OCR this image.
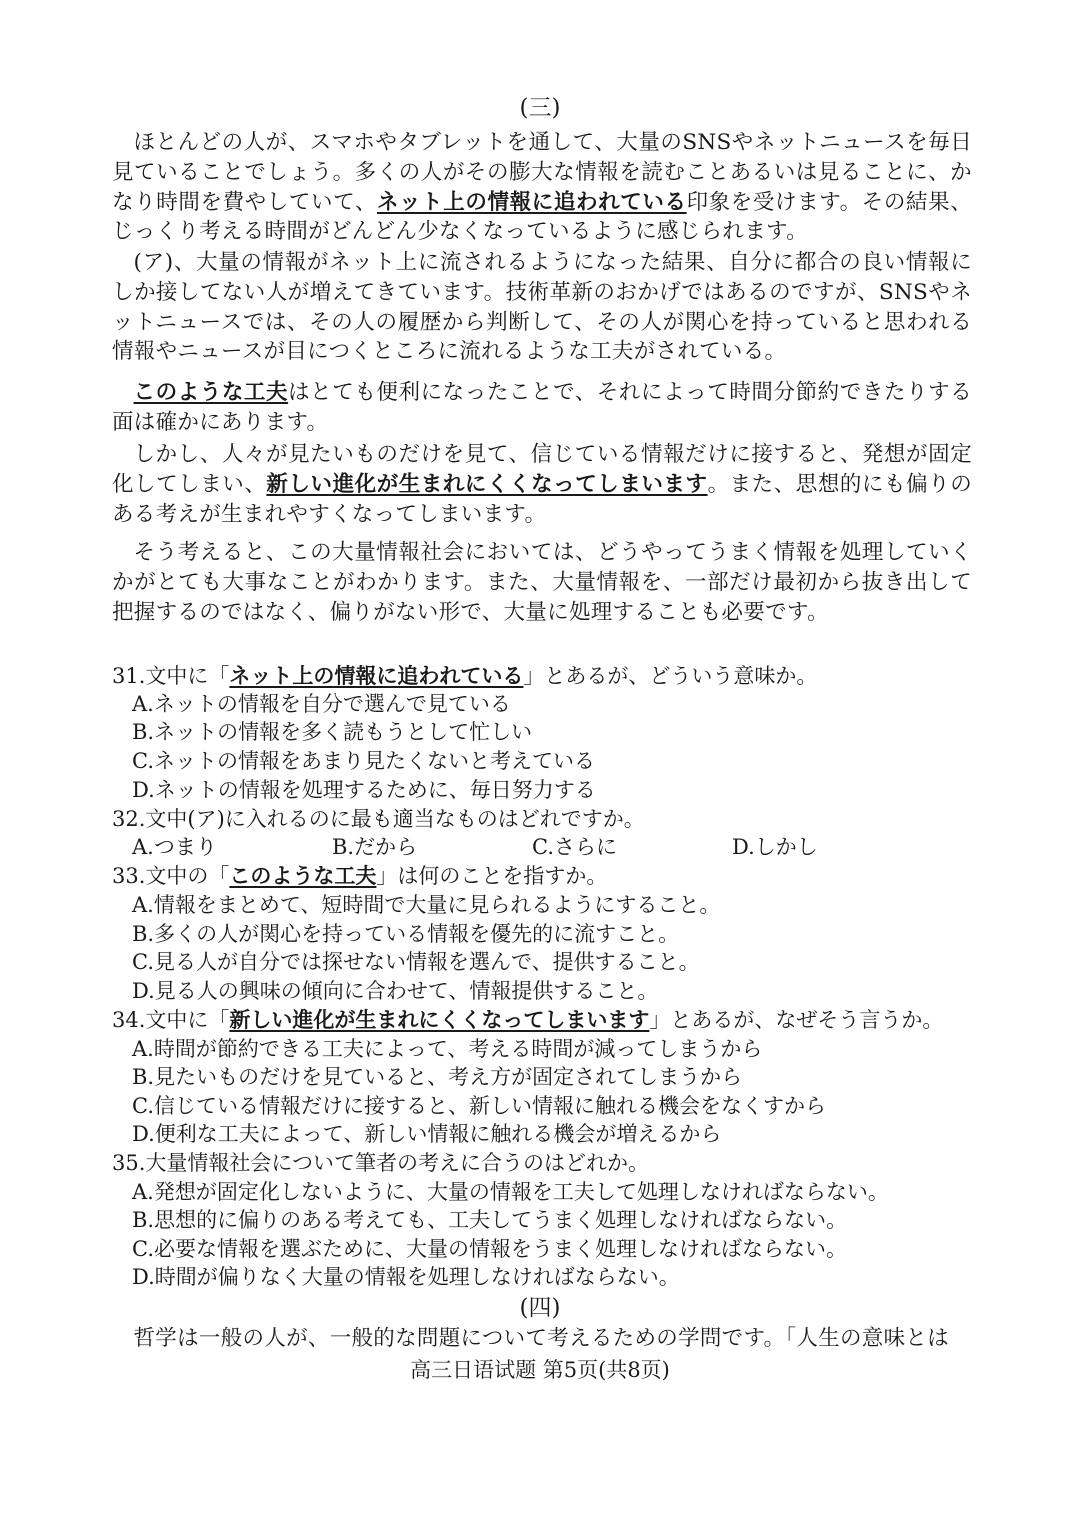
(三)
ほとんどの人が、スマホやタブレットを通して、大量のSNSやネットニュースを毎日見ていることでしょう。多くの人がその膨大な情報を読むことあるいは見ることに、かなり時間を費やしていて、ネット上の情報に追われている印象を受けます。その結果、じっくり考える時間がどんどん少なくなっているように感じられます。
(ア)、大量の情報がネット上に流されるようになった結果、自分に都合の良い情報にしか接してない人が増えてきています。技術革新のおかげではあるのですが、SNSやネットニュースでは、その人の履歴から判断して、その人が関心を持っていると思われる情報やニュースが目につくところに流れるような工夫がされている。
このような工夫はとても便利になったことで、それによって時間分節約できたりする面は確かにあります。
しかし、人々が見たいものだけを見て、信じている情報だけに接すると、発想が固定化してしまい、新しい進化が生まれにくくなってしまいます。また、思想的にも偏りのある考えが生まれやすくなってしまいます。
そう考えると、この大量情報社会においては、どうやってうまく情報を処理していくかがとても大事なことがわかります。また、大量情報を、一部だけ最初から抜き出して把握するのではなく、偏りがない形で、大量に処理することも必要です。
31.文中に「ネット上の情報に追われている」とあるが、どういう意味か。
A.ネットの情報を自分で選んで見ている
B.ネットの情報を多く読もうとして忙しい
C.ネットの情報をあまり見たくないと考えている
D.ネットの情報を処理するために、毎日努力する
32.文中(ア)に入れるのに最も適当なものはどれですか。
A.つまり	B.だから	C.さらに	D.しかし
33.文中の「このような工夫」は何のことを指すか。
A.情報をまとめて、短時間で大量に見られるようにすること。
B.多くの人が関心を持っている情報を優先的に流すこと。
C.見る人が自分では探せない情報を選んで、提供すること。
D.見る人の興味の傾向に合わせて、情報提供すること。
34.文中に「新しい進化が生まれにくくなってしまいます」とあるが、なぜそう言うか。
A.時間が節約できる工夫によって、考える時間が減ってしまうから
B.見たいものだけを見ていると、考え方が固定されてしまうから
C.信じている情報だけに接すると、新しい情報に触れる機会をなくすから
D.便利な工夫によって、新しい情報に触れる機会が増えるから
35.大量情報社会について筆者の考えに合うのはどれか。
A.発想が固定化しないように、大量の情報を工夫して処理しなければならない。
B.思想的に偏りのある考えても、工夫してうまく処理しなければならない。
C.必要な情報を選ぶために、大量の情報をうまく処理しなければならない。
D.時間が偏りなく大量の情報を処理しなければならない。
(四)
哲学は一般の人が、一般的な問題について考えるための学問です。「人生の意味とは
高三日语试题 第5页(共8页)
